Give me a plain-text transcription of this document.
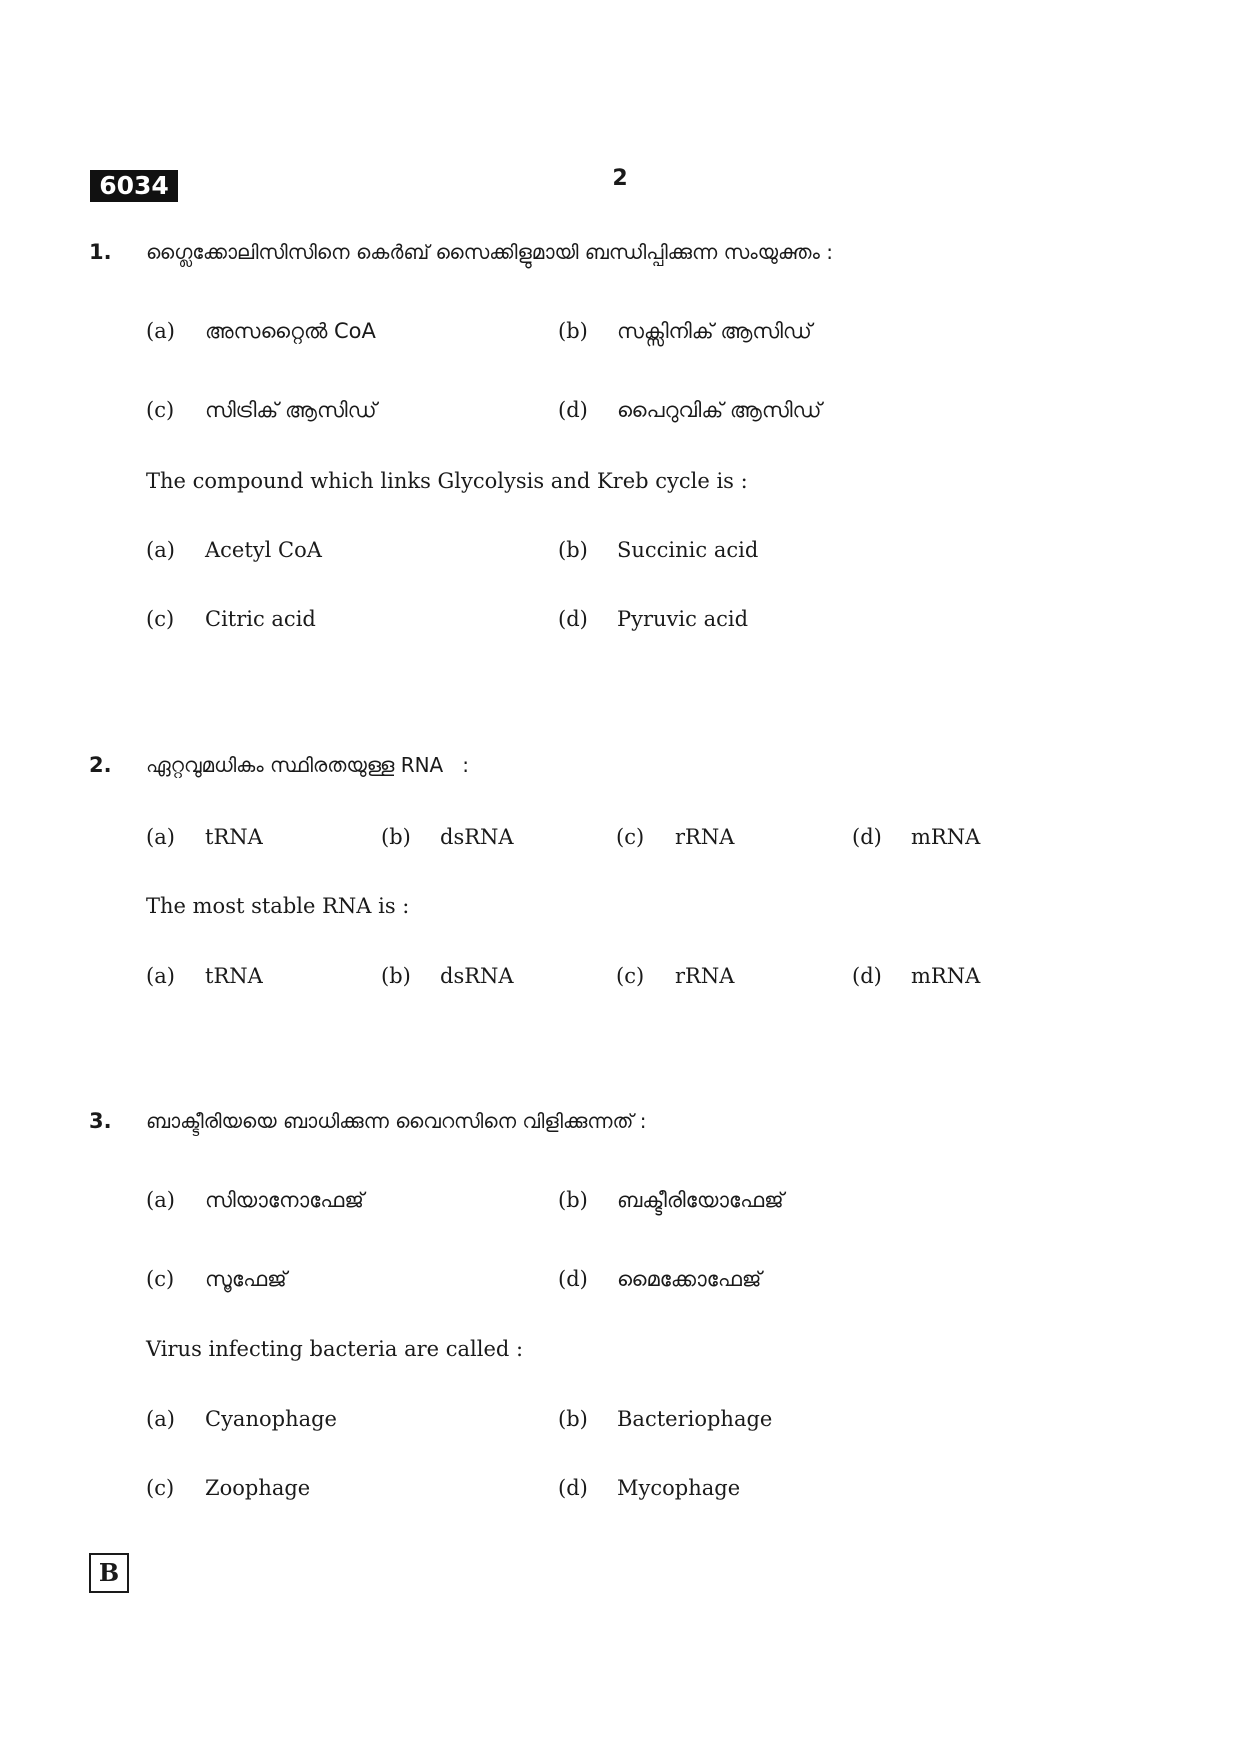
6034	2
1. ഗ്ലൈക്കോലിസിസിനെ കെർബ് സൈക്കിളുമായി ബന്ധിപ്പിക്കുന്ന സംയുക്തം :
(a) അസറ്റൈൽ CoA	(b) സക്സിനിക് ആസിഡ്
(c) സിട്രിക് ആസിഡ്	(d) പൈറുവിക് ആസിഡ്
The compound which links Glycolysis and Kreb cycle is :
(a) Acetyl CoA	(b) Succinic acid
(c) Citric acid	(d) Pyruvic acid
2. ഏറ്റവുമധികം സ്ഥിരതയുള്ള RNA   :
(a) tRNA	(b) dsRNA	(c) rRNA	(d) mRNA
The most stable RNA is :
(a) tRNA	(b) dsRNA	(c) rRNA	(d) mRNA
3. ബാക്ടീരിയയെ ബാധിക്കുന്ന വൈറസിനെ വിളിക്കുന്നത് :
(a) സിയാനോഫേജ്	(b) ബക്ടീരിയോഫേജ്
(c) സൂഫേജ്	(d) മൈക്കോഫേജ്
Virus infecting bacteria are called :
(a) Cyanophage	(b) Bacteriophage
(c) Zoophage	(d) Mycophage
B
